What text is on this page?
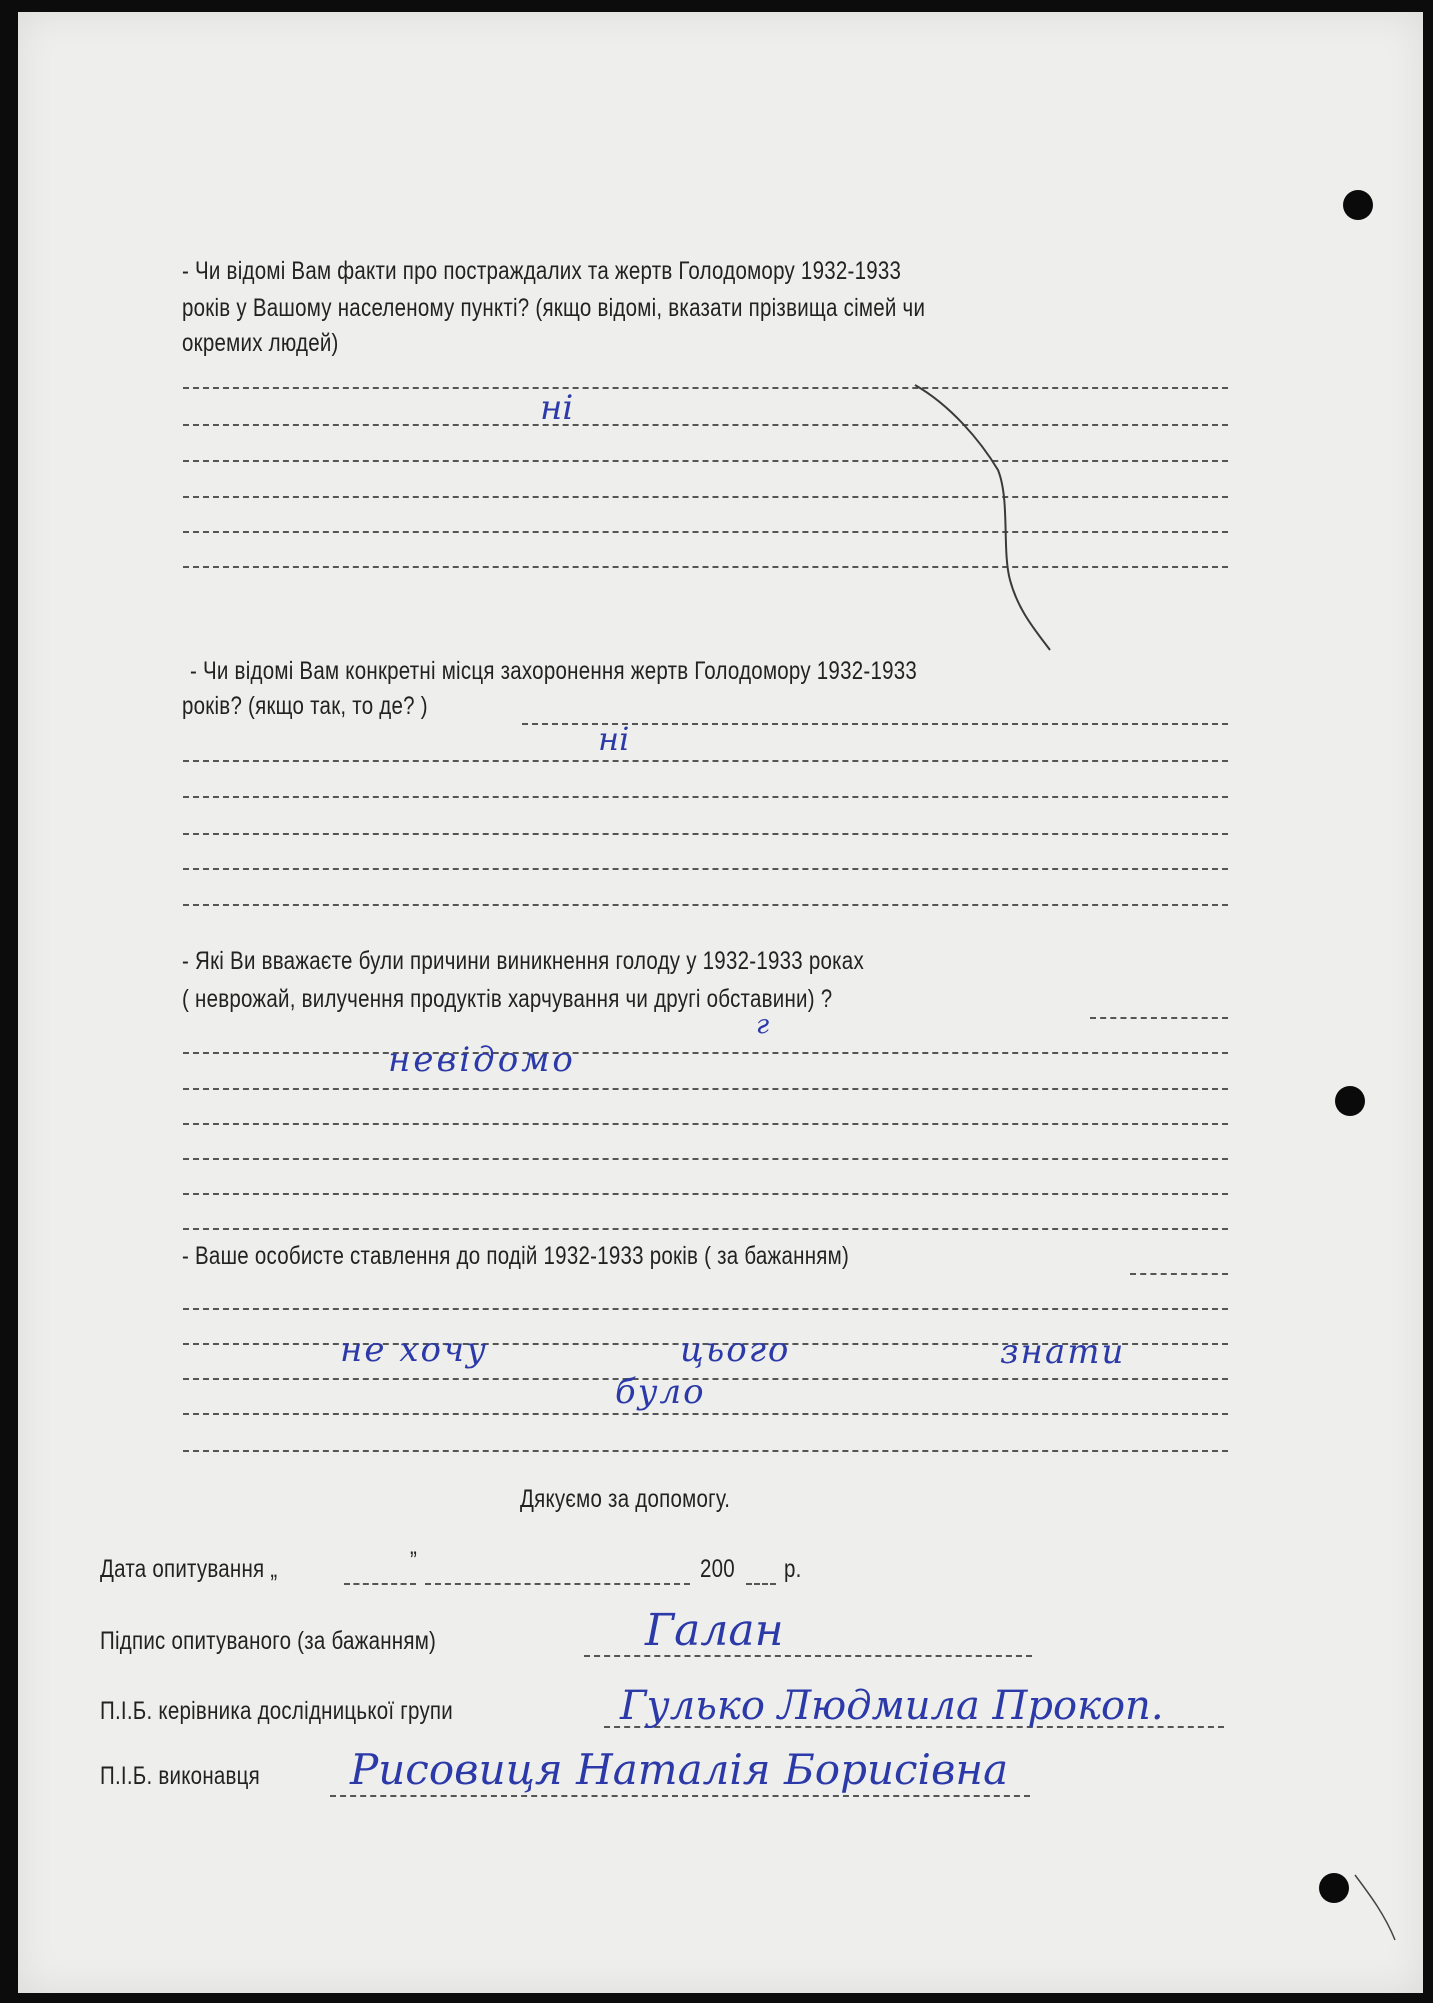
- Чи відомі Вам факти про постраждалих та жертв Голодомору 1932-1933
років у Вашому населеному пункті? (якщо відомі, вказати прізвища сімей чи
окремих людей)
ні
- Чи відомі Вам конкретні місця захоронення жертв Голодомору 1932-1933
років? (якщо так, то де? )
ні
- Які Ви вважаєте були причини виникнення голоду у 1932-1933 роках
( неврожай, вилучення продуктів харчування чи другі обставини) ?
невідомо
г
- Ваше особисте ставлення до подій 1932-1933 років ( за бажанням)
не хочу	цього	знати
було
Дякуємо за допомогу.
Дата опитування „	”	200 р.
Підпис опитуваного (за бажанням)	Галан
П.І.Б. керівника дослідницької групи	Гулько Людмила Прокоп.
П.І.Б. виконавця Рисовиця Наталія Борисівна
